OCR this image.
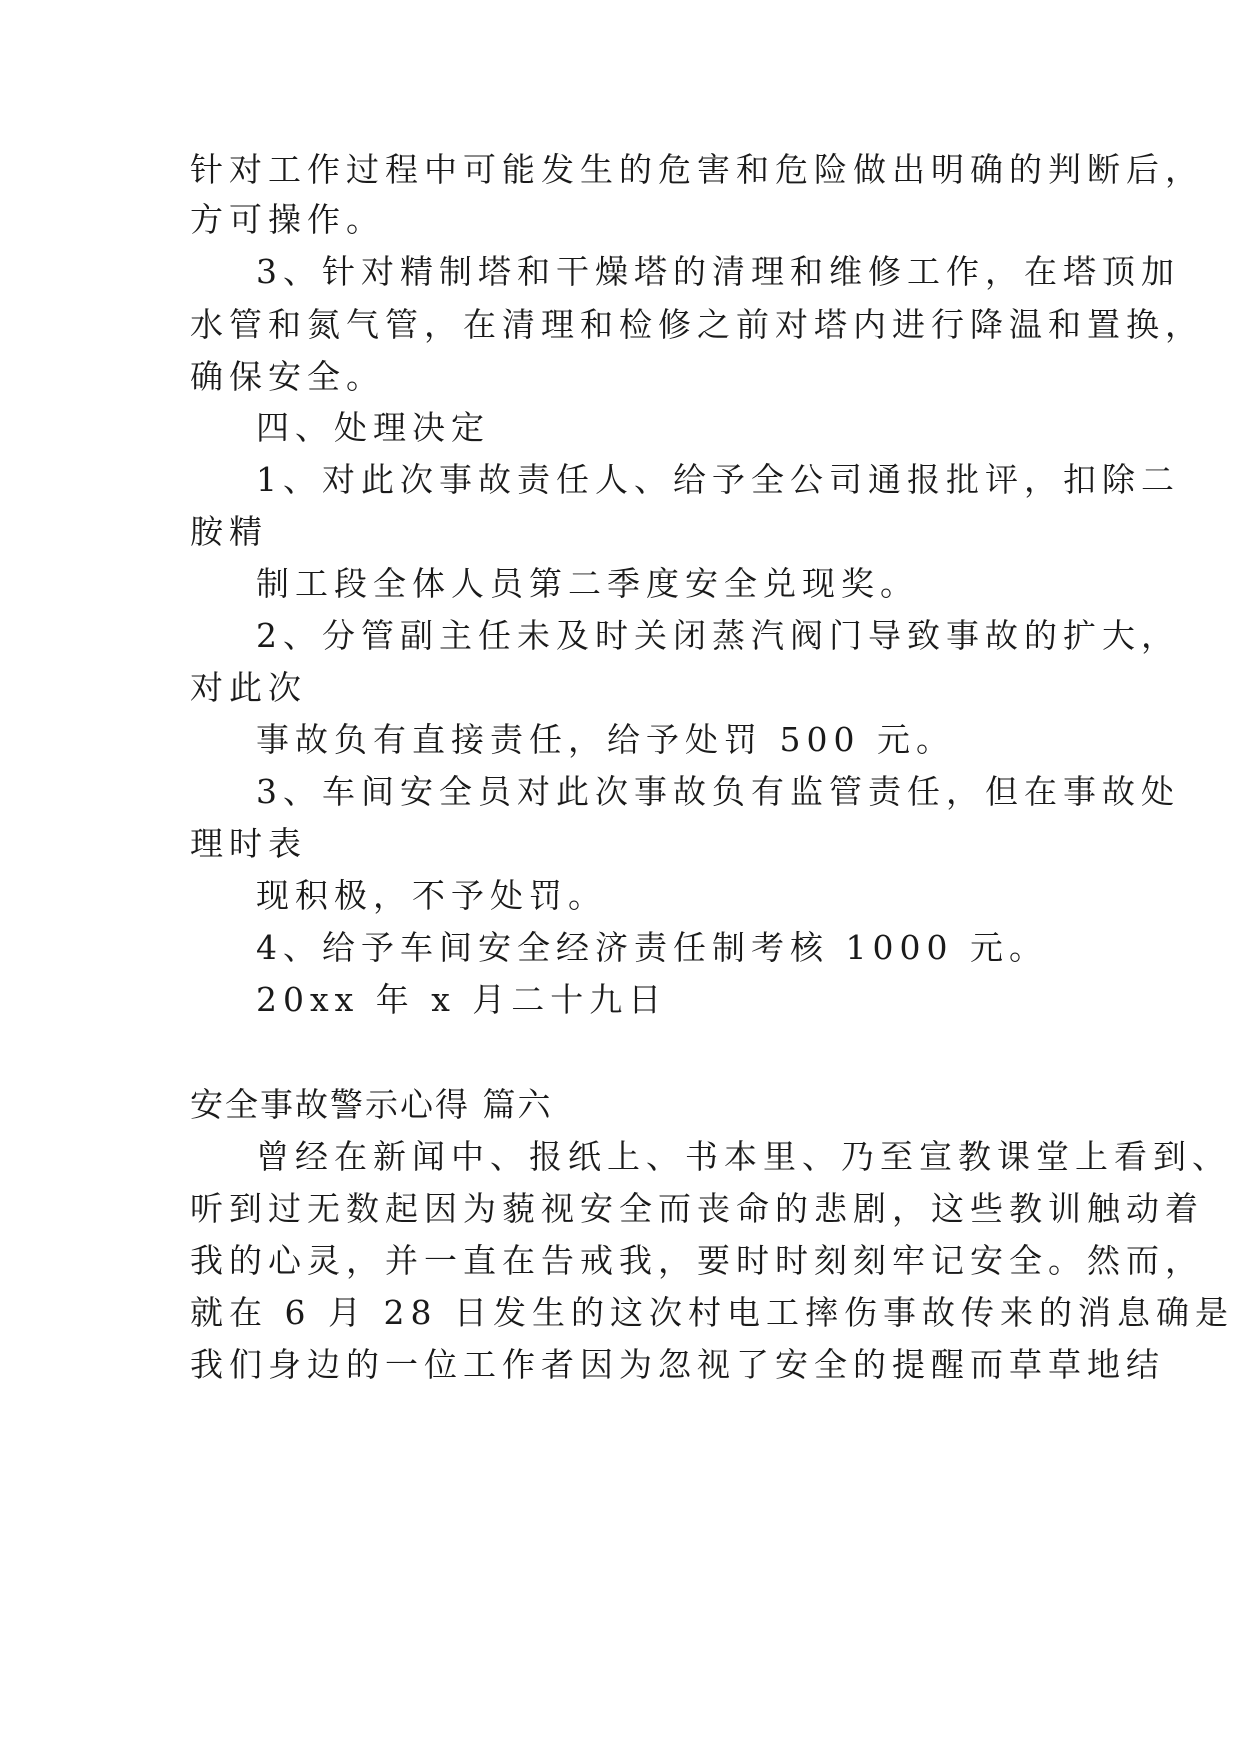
针对工作过程中可能发生的危害和危险做出明确的判断后，
方可操作。
3、针对精制塔和干燥塔的清理和维修工作，在塔顶加
水管和氮气管，在清理和检修之前对塔内进行降温和置换，
确保安全。
四、处理决定
1、对此次事故责任人、给予全公司通报批评，扣除二
胺精
制工段全体人员第二季度安全兑现奖。
2、分管副主任未及时关闭蒸汽阀门导致事故的扩大，
对此次
事故负有直接责任，给予处罚 500 元。
3、车间安全员对此次事故负有监管责任，但在事故处
理时表
现积极，不予处罚。
4、给予车间安全经济责任制考核 1000 元。
20xx 年 x 月二十九日
安全事故警示心得 篇六
曾经在新闻中、报纸上、书本里、乃至宣教课堂上看到、
听到过无数起因为藐视安全而丧命的悲剧，这些教训触动着
我的心灵，并一直在告戒我，要时时刻刻牢记安全。然而，
就在 6 月 28 日发生的这次村电工摔伤事故传来的消息确是
我们身边的一位工作者因为忽视了安全的提醒而草草地结
